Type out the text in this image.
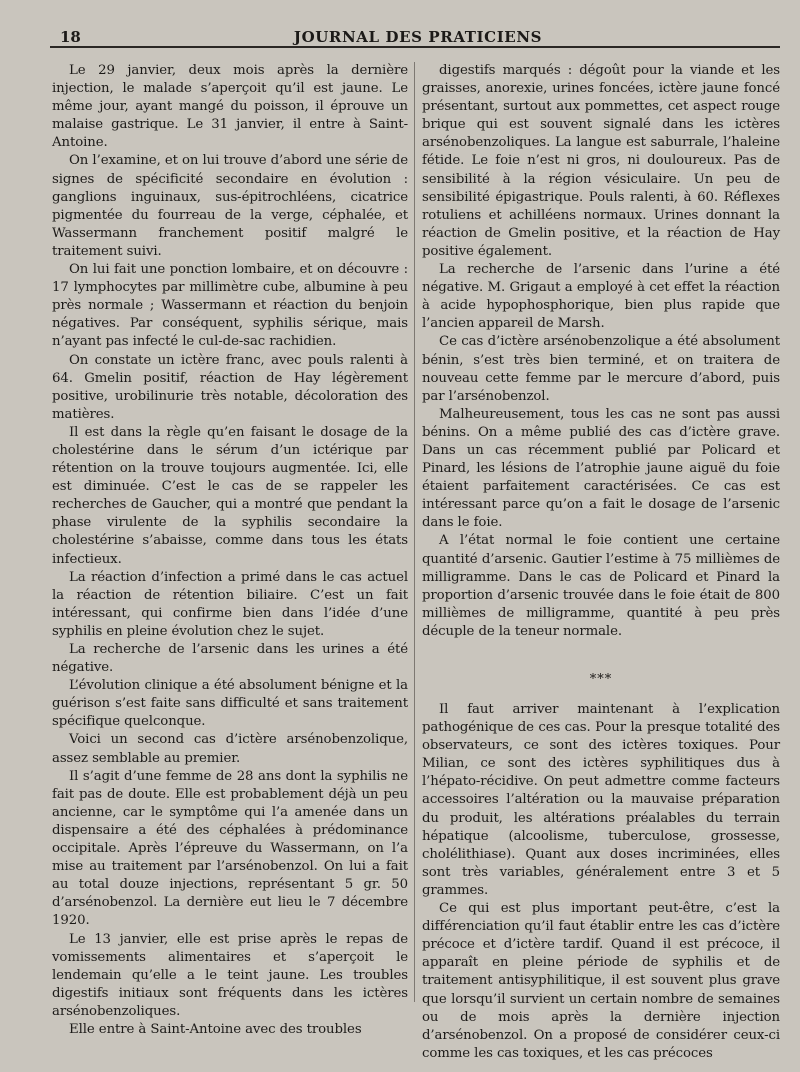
18	JOURNAL DES PRATICIENS

Le 29 janvier, deux mois après la dernière injection, le malade s’aperçoit qu’il est jaune. Le même jour, ayant mangé du poisson, il éprouve un malaise gastrique. Le 31 janvier, il entre à Saint-Antoine.

On l’examine, et on lui trouve d’abord une série de signes de spécificité secondaire en évolution : ganglions inguinaux, sus-épitrochléens, cicatrice pigmentée du fourreau de la verge, céphalée, et Wassermann franchement positif malgré le traitement suivi.

On lui fait une ponction lombaire, et on découvre : 17 lymphocytes par millimètre cube, albumine à peu près normale ; Wassermann et réaction du benjoin négatives. Par conséquent, syphilis sérique, mais n’ayant pas infecté le cul-de-sac rachidien.

On constate un ictère franc, avec pouls ralenti à 64. Gmelin positif, réaction de Hay légèrement positive, urobilinurie très notable, décoloration des matières.

Il est dans la règle qu’en faisant le dosage de la cholestérine dans le sérum d’un ictérique par rétention on la trouve toujours augmentée. Ici, elle est diminuée. C’est le cas de se rappeler les recherches de Gaucher, qui a montré que pendant la phase virulente de la syphilis secondaire la cholestérine s’abaisse, comme dans tous les états infectieux.

La réaction d’infection a primé dans le cas actuel la réaction de rétention biliaire. C’est un fait intéressant, qui confirme bien dans l’idée d’une syphilis en pleine évolution chez le sujet.

La recherche de l’arsenic dans les urines a été négative.

L’évolution clinique a été absolument bénigne et la guérison s’est faite sans difficulté et sans traitement spécifique quelconque.

Voici un second cas d’ictère arsénobenzolique, assez semblable au premier.

Il s’agit d’une femme de 28 ans dont la syphilis ne fait pas de doute. Elle est probablement déjà un peu ancienne, car le symptôme qui l’a amenée dans un dispensaire a été des céphalées à prédominance occipitale. Après l’épreuve du Wassermann, on l’a mise au traitement par l’arsénobenzol. On lui a fait au total douze injections, représentant 5 gr. 50 d’arsénobenzol. La dernière eut lieu le 7 décembre 1920.

Le 13 janvier, elle est prise après le repas de vomissements alimentaires et s’aperçoit le lendemain qu’elle a le teint jaune. Les troubles digestifs initiaux sont fréquents dans les ictères arsénobenzoliques.

Elle entre à Saint-Antoine avec des troubles

digestifs marqués : dégoût pour la viande et les graisses, anorexie, urines foncées, ictère jaune foncé présentant, surtout aux pommettes, cet aspect rouge brique qui est souvent signalé dans les ictères arsénobenzoliques. La langue est saburrale, l’haleine fétide. Le foie n’est ni gros, ni douloureux. Pas de sensibilité à la région vésiculaire. Un peu de sensibilité épigastrique. Pouls ralenti, à 60. Réflexes rotuliens et achilléens normaux. Urines donnant la réaction de Gmelin positive, et la réaction de Hay positive également.

La recherche de l’arsenic dans l’urine a été négative. M. Grigaut a employé à cet effet la réaction à acide hypophosphorique, bien plus rapide que l’ancien appareil de Marsh.

Ce cas d’ictère arsénobenzolique a été absolument bénin, s’est très bien terminé, et on traitera de nouveau cette femme par le mercure d’abord, puis par l’arsénobenzol.

Malheureusement, tous les cas ne sont pas aussi bénins. On a même publié des cas d’ictère grave. Dans un cas récemment publié par Policard et Pinard, les lésions de l’atrophie jaune aiguë du foie étaient parfaitement caractérisées. Ce cas est intéressant parce qu’on a fait le dosage de l’arsenic dans le foie.

A l’état normal le foie contient une certaine quantité d’arsenic. Gautier l’estime à 75 millièmes de milligramme. Dans le cas de Policard et Pinard la proportion d’arsenic trouvée dans le foie était de 800 millièmes de milligramme, quantité à peu près décuple de la teneur normale.

***

Il faut arriver maintenant à l’explication pathogénique de ces cas. Pour la presque totalité des observateurs, ce sont des ictères toxiques. Pour Milian, ce sont des ictères syphilitiques dus à l’hépato-récidive. On peut admettre comme facteurs accessoires l’altération ou la mauvaise préparation du produit, les altérations préalables du terrain hépatique (alcoolisme, tuberculose, grossesse, cholélithiase). Quant aux doses incriminées, elles sont très variables, généralement entre 3 et 5 grammes.

Ce qui est plus important peut-être, c’est la différenciation qu’il faut établir entre les cas d’ictère précoce et d’ictère tardif. Quand il est précoce, il apparaît en pleine période de syphilis et de traitement antisyphilitique, il est souvent plus grave que lorsqu’il survient un certain nombre de semaines ou de mois après la dernière injection d’arsénobenzol. On a proposé de considérer ceux-ci comme les cas toxiques, et les cas précoces
